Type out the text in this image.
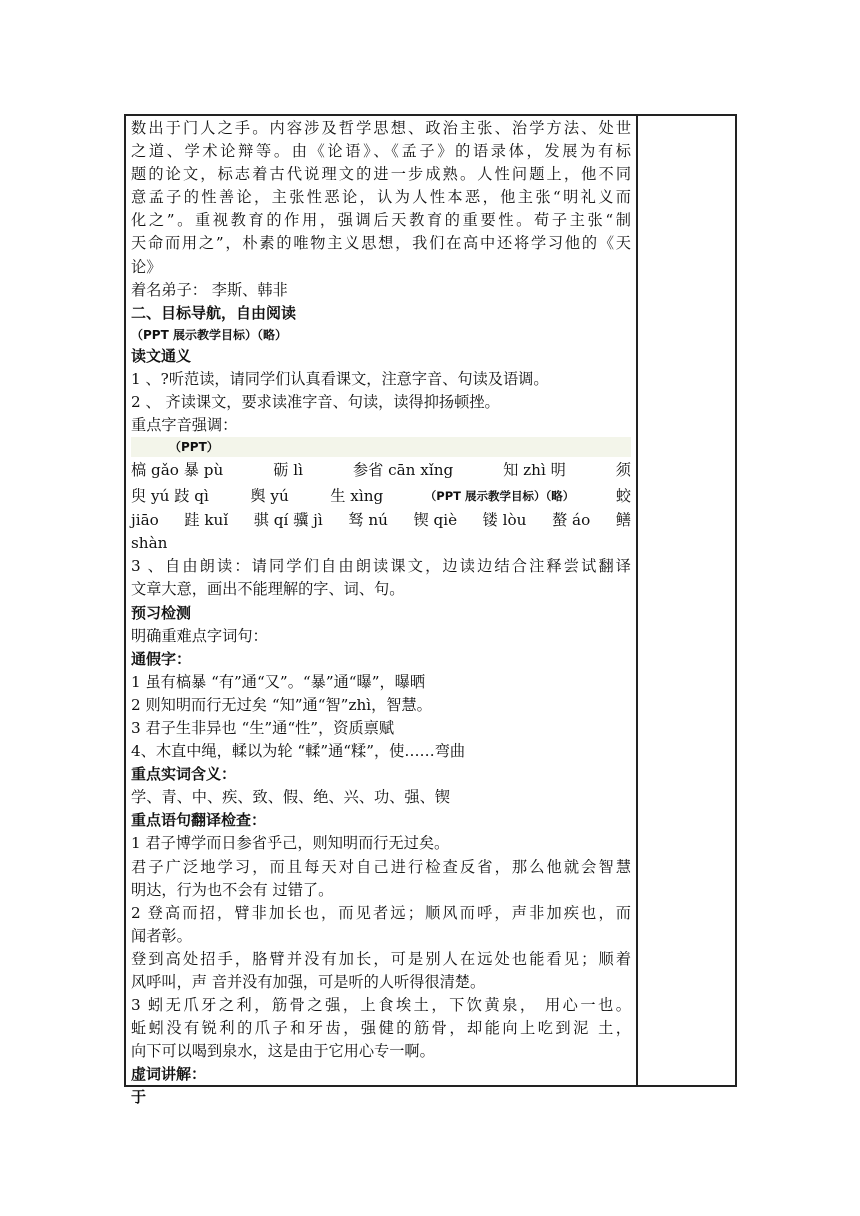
数出于门人之手。内容涉及哲学思想、政治主张、治学方法、处世
之道、学术论辩等。由《论语》、《孟子》的语录体，发展为有标
题的论文，标志着古代说理文的进一步成熟。人性问题上，他不同
意孟子的性善论，主张性恶论，认为人性本恶，他主张“明礼义而
化之”。重视教育的作用，强调后天教育的重要性。荀子主张“制
天命而用之”，朴素的唯物主义思想，我们在高中还将学习他的《天
论》
着名弟子： 李斯、韩非
二、目标导航，自由阅读
（PPT 展示教学目标）（略）
读文通义
1 、?听范读，请同学们认真看课文，注意字音、句读及语调。
2 、 齐读课文，要求读准字音、句读，读得抑扬顿挫。
重点字音强调：
（PPT）
槁 gǎo 暴 pù	砺 lì	参省 cān xǐng	知 zhì 明	须
臾 yú 跂 qì	舆 yú	生 xìng	（PPT 展示教学目标）（略）	蛟
jiāo 跬 kuǐ 骐 qí 骥 jì 驽 nú 锲 qiè 镂 lòu 螯 áo 鳝
shàn
3 、自由朗读：请同学们自由朗读课文，边读边结合注释尝试翻译
文章大意，画出不能理解的字、词、句。
预习检测
明确重难点字词句：
通假字：
1 虽有槁暴 “有”通“又”。“暴”通“曝”，曝晒
2 则知明而行无过矣 “知”通“智”zhì，智慧。
3 君子生非异也 “生”通“性”，资质禀赋
4、木直中绳，輮以为轮 “輮”通“糅”，使……弯曲
重点实词含义：
学、青、中、疾、致、假、绝、兴、功、强、锲
重点语句翻译检查：
1 君子博学而日参省乎己，则知明而行无过矣。
君子广泛地学习，而且每天对自己进行检查反省，那么他就会智慧
明达，行为也不会有 过错了。
2 登高而招，臂非加长也，而见者远；顺风而呼，声非加疾也，而
闻者彰。
登到高处招手，胳臂并没有加长，可是别人在远处也能看见；顺着
风呼叫，声 音并没有加强，可是听的人听得很清楚。
3 蚓无爪牙之利，筋骨之强，上食埃土，下饮黄泉， 用心一也。
蚯蚓没有锐利的爪子和牙齿，强健的筋骨，却能向上吃到泥 土，
向下可以喝到泉水，这是由于它用心专一啊。
虚词讲解：
于
